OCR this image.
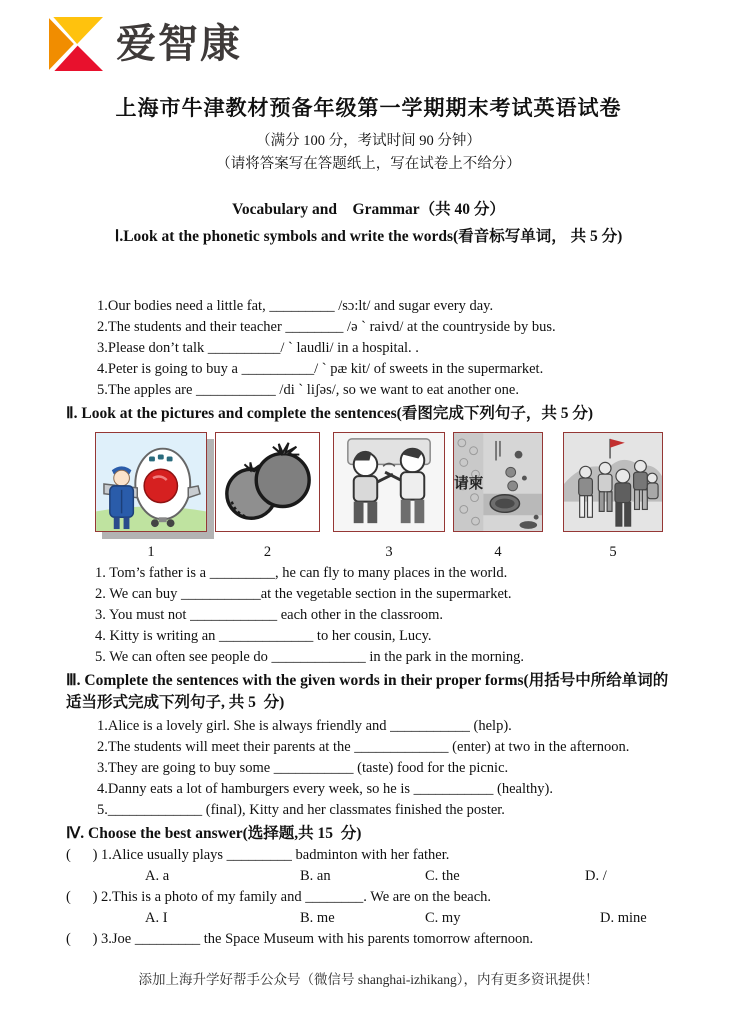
爱智康
上海市牛津教材预备年级第一学期期末考试英语试卷
（满分 100 分，考试时间 90 分钟）
（请将答案写在答题纸上，写在试卷上不给分）
Vocabulary and　Grammar（共 40 分）
Ⅰ.Look at the phonetic symbols and write the words(看音标写单词， 共 5 分)
1.Our bodies need a little fat, _________ /sɔ:lt/ and sugar every day.
2.The students and their teacher ________ /ə ˋ raivd/ at the countryside by bus.
3.Please don’t talk __________/ ˋ laudli/ in a hospital. .
4.Peter is going to buy a __________/ ˋ pæ kit/ of sweets in the supermarket.
5.The apples are ___________ /di ˋ liʃəs/, so we want to eat another one.
Ⅱ. Look at the pictures and complete the sentences(看图完成下列句子，共 5 分)
请柬
1	2	3	4	5
1. Tom’s father is a _________, he can fly to many places in the world.
2. We can buy ___________at the vegetable section in the supermarket.
3. You must not ____________ each other in the classroom.
4. Kitty is writing an _____________ to her cousin, Lucy.
5. We can often see people do _____________ in the park in the morning.
Ⅲ. Complete the sentences with the given words in their proper forms(用括号中所给单词的适当形式完成下列句子, 共 5  分)
1.Alice is a lovely girl. She is always friendly and ___________ (help).
2.The students will meet their parents at the _____________ (enter) at two in the afternoon.
3.They are going to buy some ___________ (taste) food for the picnic.
4.Danny eats a lot of hamburgers every week, so he is ___________ (healthy).
5._____________ (final), Kitty and her classmates finished the poster.
Ⅳ. Choose the best answer(选择题,共 15  分)
(      ) 1.Alice usually plays _________ badminton with her father.
A. a	B. an	C. the	D. /
(      ) 2.This is a photo of my family and ________. We are on the beach.
A. I	B. me	C. my	D. mine
(      ) 3.Joe _________ the Space Museum with his parents tomorrow afternoon.
添加上海升学好帮手公众号（微信号 shanghai-izhikang），内有更多资讯提供！
